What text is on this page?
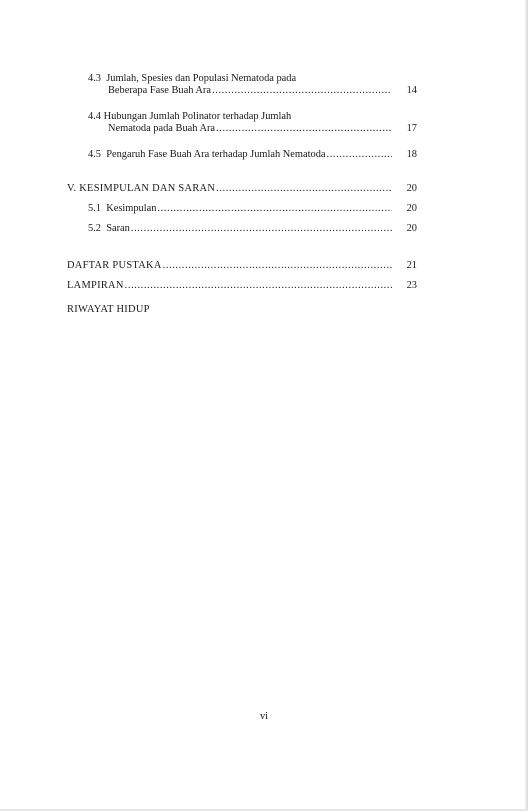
4.3 Jumlah, Spesies dan Populasi Nematoda pada
Beberapa Fase Buah Ara .....	14
4.4 Hubungan Jumlah Polinator terhadap Jumlah
Nematoda pada Buah Ara .....	17
4.5 Pengaruh Fase Buah Ara terhadap Jumlah Nematoda .....	18
V. KESIMPULAN DAN SARAN .....	20
5.1 Kesimpulan .....	20
5.2 Saran .....	20
DAFTAR PUSTAKA .....	21
LAMPIRAN .....	23
RIWAYAT HIDUP
vi
